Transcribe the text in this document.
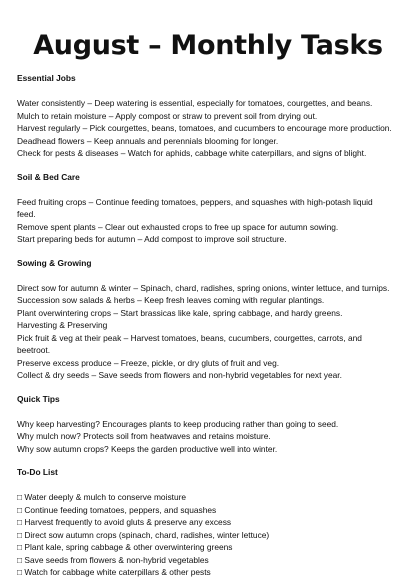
August – Monthly Tasks

Essential Jobs

Water consistently – Deep watering is essential, especially for tomatoes, courgettes, and beans.

Mulch to retain moisture – Apply compost or straw to prevent soil from drying out.

Harvest regularly – Pick courgettes, beans, tomatoes, and cucumbers to encourage more production.

Deadhead flowers – Keep annuals and perennials blooming for longer.

Check for pests & diseases – Watch for aphids, cabbage white caterpillars, and signs of blight.

Soil & Bed Care

Feed fruiting crops – Continue feeding tomatoes, peppers, and squashes with high-potash liquid

feed.

Remove spent plants – Clear out exhausted crops to free up space for autumn sowing.

Start preparing beds for autumn – Add compost to improve soil structure.

Sowing & Growing

Direct sow for autumn & winter – Spinach, chard, radishes, spring onions, winter lettuce, and turnips.

Succession sow salads & herbs – Keep fresh leaves coming with regular plantings.

Plant overwintering crops – Start brassicas like kale, spring cabbage, and hardy greens.

Harvesting & Preserving

Pick fruit & veg at their peak – Harvest tomatoes, beans, cucumbers, courgettes, carrots, and

beetroot.

Preserve excess produce – Freeze, pickle, or dry gluts of fruit and veg.

Collect & dry seeds – Save seeds from flowers and non-hybrid vegetables for next year.

Quick Tips

Why keep harvesting? Encourages plants to keep producing rather than going to seed.

Why mulch now? Protects soil from heatwaves and retains moisture.

Why sow autumn crops? Keeps the garden productive well into winter.

To-Do List

□ Water deeply & mulch to conserve moisture

□ Continue feeding tomatoes, peppers, and squashes

□ Harvest frequently to avoid gluts & preserve any excess

□ Direct sow autumn crops (spinach, chard, radishes, winter lettuce)

□ Plant kale, spring cabbage & other overwintering greens

□ Save seeds from flowers & non-hybrid vegetables

□ Watch for cabbage white caterpillars & other pests
